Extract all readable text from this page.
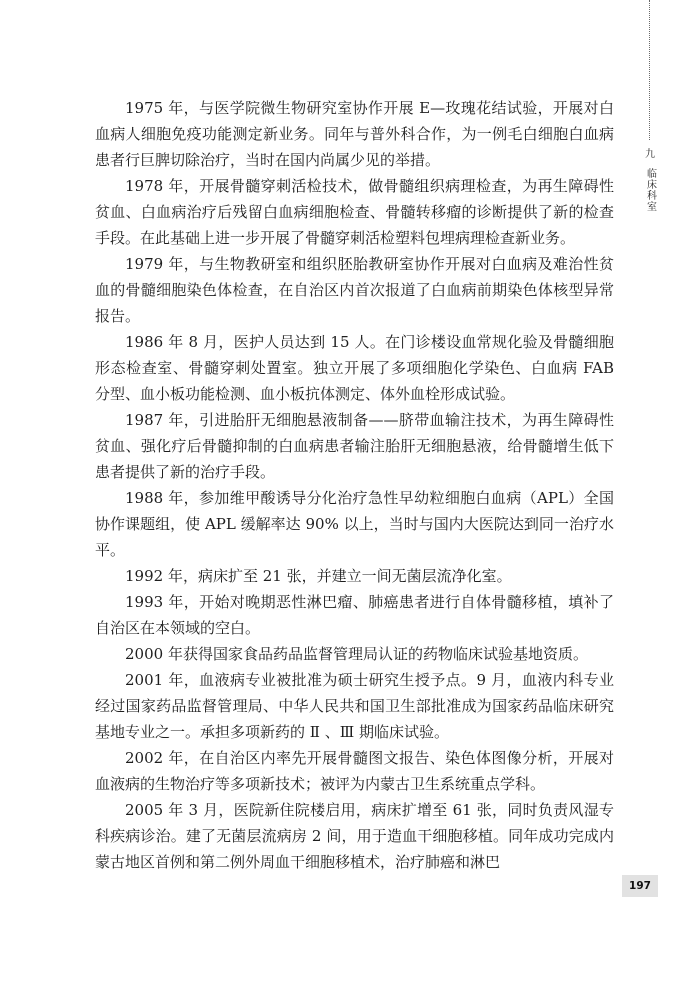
九
临床科室

1975 年，与医学院微生物研究室协作开展 E—玫瑰花结试验，开展对白血病人细胞免疫功能测定新业务。同年与普外科合作，为一例毛白细胞白血病患者行巨脾切除治疗，当时在国内尚属少见的举措。

1978 年，开展骨髓穿刺活检技术，做骨髓组织病理检查，为再生障碍性贫血、白血病治疗后残留白血病细胞检查、骨髓转移瘤的诊断提供了新的检查手段。在此基础上进一步开展了骨髓穿刺活检塑料包埋病理检查新业务。

1979 年，与生物教研室和组织胚胎教研室协作开展对白血病及难治性贫血的骨髓细胞染色体检查，在自治区内首次报道了白血病前期染色体核型异常报告。

1986 年 8 月，医护人员达到 15 人。在门诊楼设血常规化验及骨髓细胞形态检查室、骨髓穿刺处置室。独立开展了多项细胞化学染色、白血病 FAB 分型、血小板功能检测、血小板抗体测定、体外血栓形成试验。

1987 年，引进胎肝无细胞悬液制备——脐带血输注技术，为再生障碍性贫血、强化疗后骨髓抑制的白血病患者输注胎肝无细胞悬液，给骨髓增生低下患者提供了新的治疗手段。

1988 年，参加维甲酸诱导分化治疗急性早幼粒细胞白血病（APL）全国协作课题组，使 APL 缓解率达 90% 以上，当时与国内大医院达到同一治疗水平。

1992 年，病床扩至 21 张，并建立一间无菌层流净化室。

1993 年，开始对晚期恶性淋巴瘤、肺癌患者进行自体骨髓移植，填补了自治区在本领域的空白。

2000 年获得国家食品药品监督管理局认证的药物临床试验基地资质。

2001 年，血液病专业被批准为硕士研究生授予点。9 月，血液内科专业经过国家药品监督管理局、中华人民共和国卫生部批准成为国家药品临床研究基地专业之一。承担多项新药的 Ⅱ 、Ⅲ 期临床试验。

2002 年，在自治区内率先开展骨髓图文报告、染色体图像分析，开展对血液病的生物治疗等多项新技术；被评为内蒙古卫生系统重点学科。

2005 年 3 月，医院新住院楼启用，病床扩增至 61 张，同时负责风湿专科疾病诊治。建了无菌层流病房 2 间，用于造血干细胞移植。同年成功完成内蒙古地区首例和第二例外周血干细胞移植术，治疗肺癌和淋巴

197
